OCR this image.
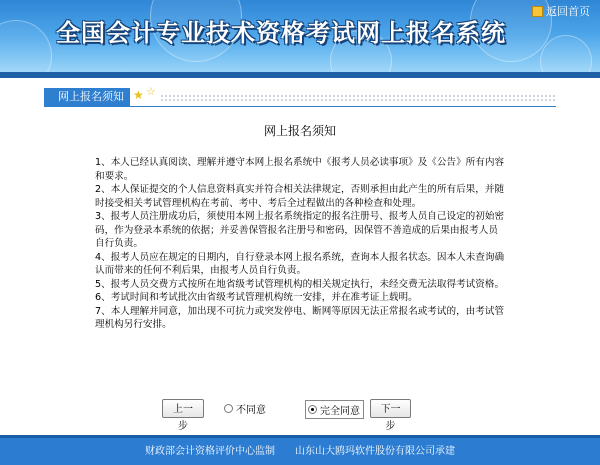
全国会计专业技术资格考试网上报名系统
返回首页
网上报名须知 ★ ☆
网上报名须知
1、本人已经认真阅读、理解并遵守本网上报名系统中《报考人员必读事项》及《公告》所有内容和要求。
2、本人保证提交的个人信息资料真实并符合相关法律规定，否则承担由此产生的所有后果，并随时接受相关考试管理机构在考前、考中、考后全过程做出的各种检查和处理。
3、报考人员注册成功后，须使用本网上报名系统指定的报名注册号、报考人员自己设定的初始密码，作为登录本系统的依据；并妥善保管报名注册号和密码，因保管不善造成的后果由报考人员自行负责。
4、报考人员应在规定的日期内，自行登录本网上报名系统，查询本人报名状态。因本人未查询确认而带来的任何不利后果，由报考人员自行负责。
5、报考人员交费方式按所在地省级考试管理机构的相关规定执行，未经交费无法取得考试资格。
6、考试时间和考试批次由省级考试管理机构统一安排，并在准考证上载明。
7、本人理解并同意，加出现不可抗力或突发停电、断网等原因无法正常报名或考试的，由考试管理机构另行安排。
上一步
不同意	完全同意	下一步
财政部会计资格评价中心监制　　山东山大鸥玛软件股份有限公司承建
